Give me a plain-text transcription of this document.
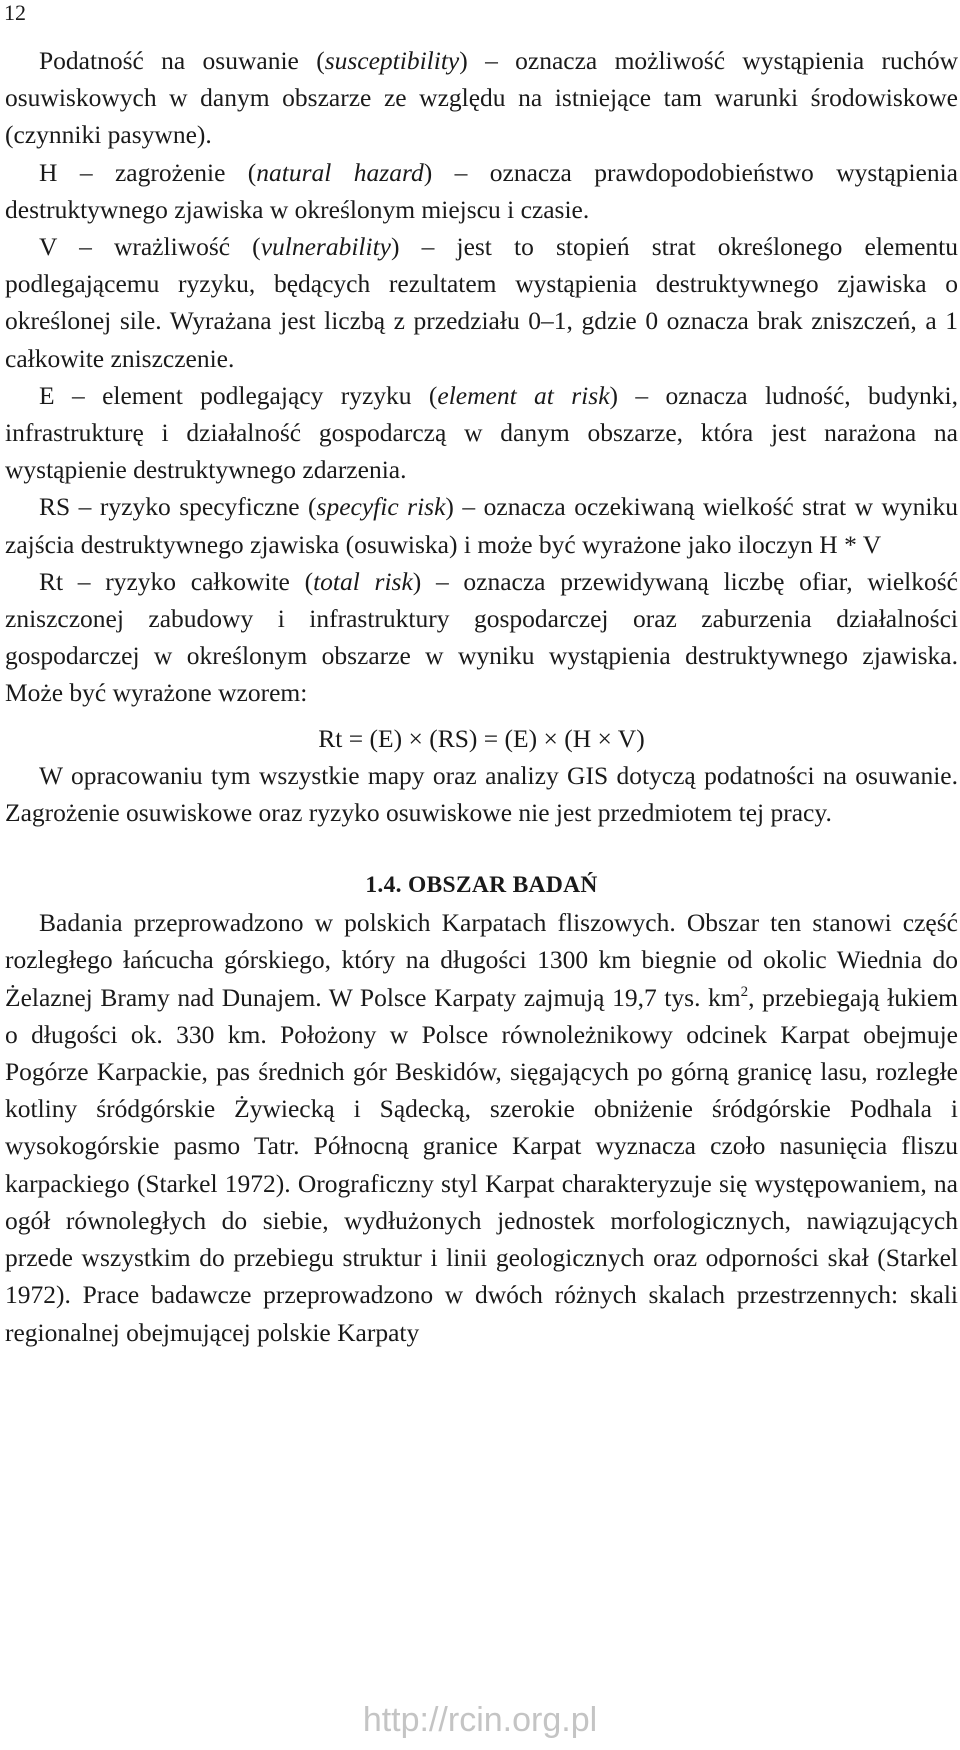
12

Podatność na osuwanie (susceptibility) – oznacza możliwość wystąpienia ruchów osuwiskowych w danym obszarze ze względu na istniejące tam warunki środowiskowe (czynniki pasywne).

H – zagrożenie (natural hazard) – oznacza prawdopodobieństwo wystąpienia destruktywnego zjawiska w określonym miejscu i czasie.

V – wrażliwość (vulnerability) – jest to stopień strat określonego elementu podlegającemu ryzyku, będących rezultatem wystąpienia destruktywnego zjawiska o określonej sile. Wyrażana jest liczbą z przedziału 0–1, gdzie 0 oznacza brak zniszczeń, a 1 całkowite zniszczenie.

E – element podlegający ryzyku (element at risk) – oznacza ludność, budynki, infrastrukturę i działalność gospodarczą w danym obszarze, która jest narażona na wystąpienie destruktywnego zdarzenia.

RS – ryzyko specyficzne (specyfic risk) – oznacza oczekiwaną wielkość strat w wyniku zajścia destruktywnego zjawiska (osuwiska) i może być wyrażone jako iloczyn H * V

Rt – ryzyko całkowite (total risk) – oznacza przewidywaną liczbę ofiar, wielkość zniszczonej zabudowy i infrastruktury gospodarczej oraz zaburzenia działalności gospodarczej w określonym obszarze w wyniku wystąpienia destruktywnego zjawiska. Może być wyrażone wzorem:

Rt = (E) × (RS) = (E) × (H × V)

W opracowaniu tym wszystkie mapy oraz analizy GIS dotyczą podatności na osuwanie. Zagrożenie osuwiskowe oraz ryzyko osuwiskowe nie jest przedmiotem tej pracy.

1.4. OBSZAR BADAŃ

Badania przeprowadzono w polskich Karpatach fliszowych. Obszar ten stanowi część rozległego łańcucha górskiego, który na długości 1300 km biegnie od okolic Wiednia do Żelaznej Bramy nad Dunajem. W Polsce Karpaty zajmują 19,7 tys. $km^2$, przebiegają łukiem o długości ok. 330 km. Położony w Polsce równoleżnikowy odcinek Karpat obejmuje Pogórze Karpackie, pas średnich gór Beskidów, sięgających po górną granicę lasu, rozległe kotliny śródgórskie Żywiecką i Sądecką, szerokie obniżenie śródgórskie Podhala i wysokogórskie pasmo Tatr. Północną granice Karpat wyznacza czoło nasunięcia fliszu karpackiego (Starkel 1972). Orograficzny styl Karpat charakteryzuje się występowaniem, na ogół równoległych do siebie, wydłużonych jednostek morfologicznych, nawiązujących przede wszystkim do przebiegu struktur i linii geologicznych oraz odporności skał (Starkel 1972). Prace badawcze przeprowadzono w dwóch różnych skalach przestrzennych: skali regionalnej obejmującej polskie Karpaty

http://rcin.org.pl
